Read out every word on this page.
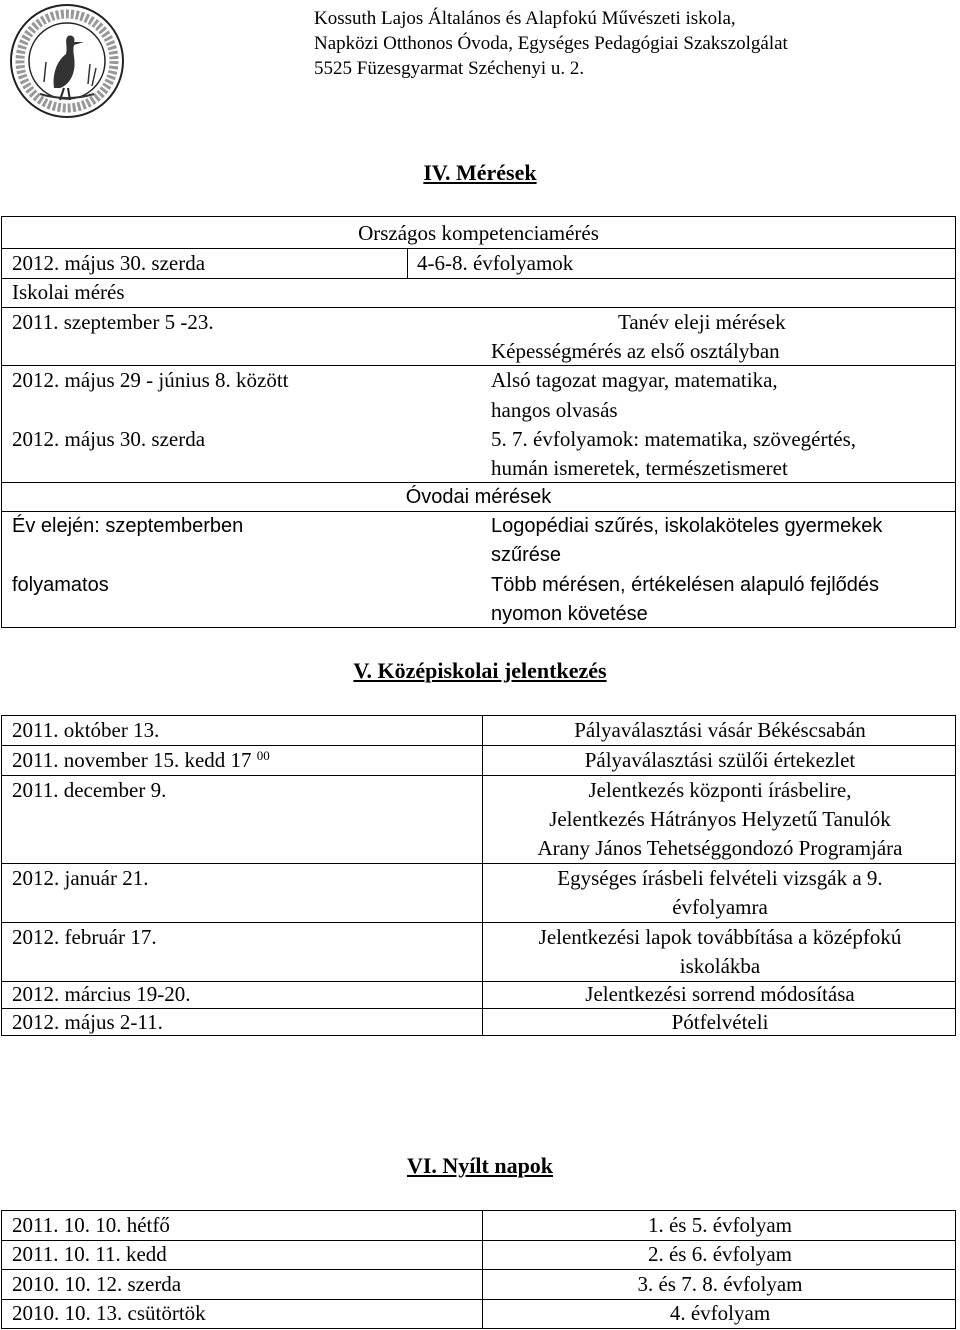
Kossuth Lajos Általános és Alapfokú Művészeti iskola,
Napközi Otthonos Óvoda, Egységes Pedagógiai Szakszolgálat
5525 Füzesgyarmat Széchenyi u. 2.
IV. Mérések
Országos kompetenciamérés
2012. május 30. szerda	4-6-8. évfolyamok
Iskolai mérés
2011. szeptember 5 -23.	Tanév eleji mérések
Képességmérés az első osztályban
2012. május 29 - június 8. között	Alsó tagozat magyar, matematika,
hangos olvasás
2012. május 30. szerda	5. 7. évfolyamok: matematika, szövegértés,
humán ismeretek, természetismeret
Óvodai mérések
Év elején: szeptemberben	Logopédiai szűrés, iskolaköteles gyermekek
szűrése
folyamatos	Több mérésen, értékelésen alapuló fejlődés
nyomon követése
V. Középiskolai jelentkezés
2011. október 13.	Pályaválasztási vásár Békéscsabán
2011. november 15. kedd 17 $^{00}$	Pályaválasztási szülői értekezlet
2011. december 9.	Jelentkezés központi írásbelire,
Jelentkezés Hátrányos Helyzetű Tanulók
Arany János Tehetséggondozó Programjára
2012. január 21.	Egységes írásbeli felvételi vizsgák a 9.
évfolyamra
2012. február 17.	Jelentkezési lapok továbbítása a középfokú
iskolákba
2012. március 19-20.	Jelentkezési sorrend módosítása
2012. május 2-11.	Pótfelvételi
VI. Nyílt napok
2011. 10. 10. hétfő	1. és 5. évfolyam
2011. 10. 11. kedd	2. és 6. évfolyam
2010. 10. 12. szerda	3. és 7. 8. évfolyam
2010. 10. 13. csütörtök	4. évfolyam
